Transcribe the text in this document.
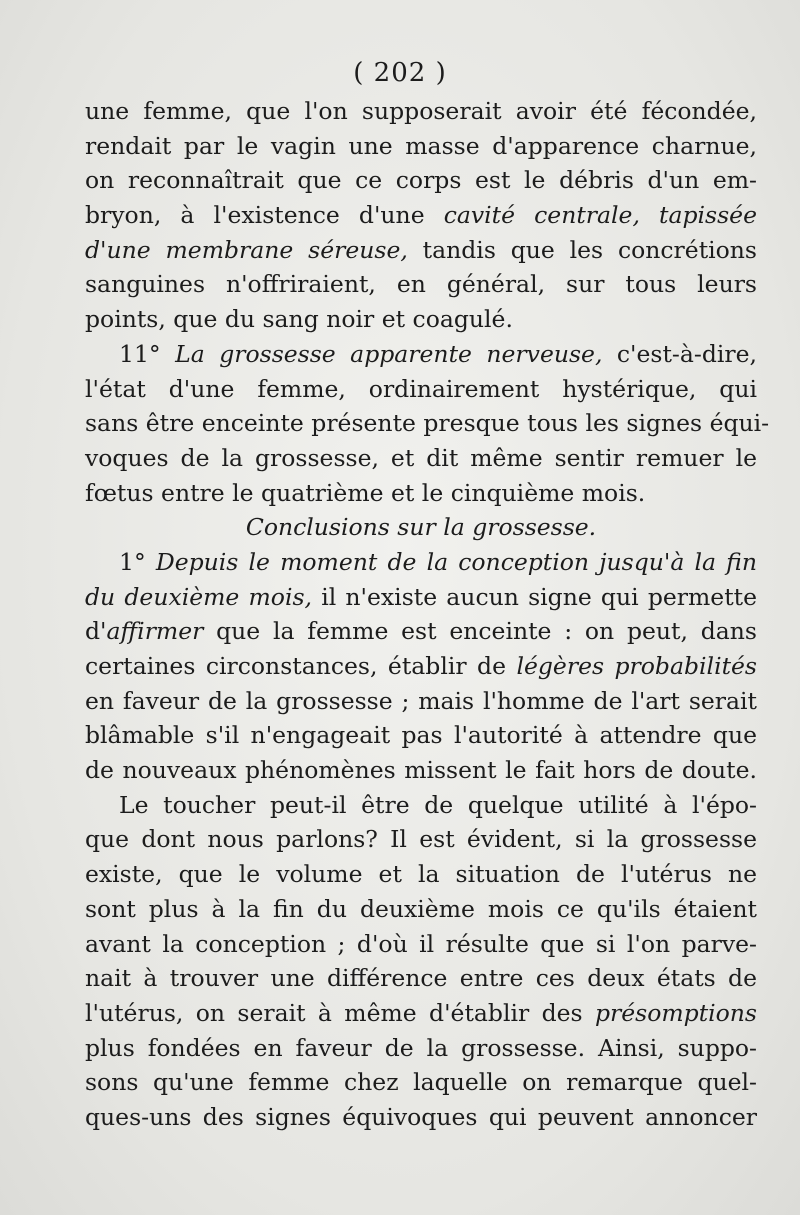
( 202 )
une femme, que l'on supposerait avoir été fécondée,
rendait par le vagin une masse d'apparence charnue,
on reconnaîtrait que ce corps est le débris d'un em-
bryon, à l'existence d'une cavité centrale, tapissée
d'une membrane séreuse, tandis que les concrétions
sanguines n'offriraient, en général, sur tous leurs
points, que du sang noir et coagulé.
11° La grossesse apparente nerveuse, c'est-à-dire,
l'état d'une femme, ordinairement hystérique, qui
sans être enceinte présente presque tous les signes équi-
voques de la grossesse, et dit même sentir remuer le
fœtus entre le quatrième et le cinquième mois.
Conclusions sur la grossesse.
1° Depuis le moment de la conception jusqu'à la fin
du deuxième mois, il n'existe aucun signe qui permette
d'affirmer que la femme est enceinte : on peut, dans
certaines circonstances, établir de légères probabilités
en faveur de la grossesse ; mais l'homme de l'art serait
blâmable s'il n'engageait pas l'autorité à attendre que
de nouveaux phénomènes missent le fait hors de doute.
Le toucher peut-il être de quelque utilité à l'épo-
que dont nous parlons? Il est évident, si la grossesse
existe, que le volume et la situation de l'utérus ne
sont plus à la fin du deuxième mois ce qu'ils étaient
avant la conception ; d'où il résulte que si l'on parve-
nait à trouver une différence entre ces deux états de
l'utérus, on serait à même d'établir des présomptions
plus fondées en faveur de la grossesse. Ainsi, suppo-
sons qu'une femme chez laquelle on remarque quel-
ques-uns des signes équivoques qui peuvent annoncer
